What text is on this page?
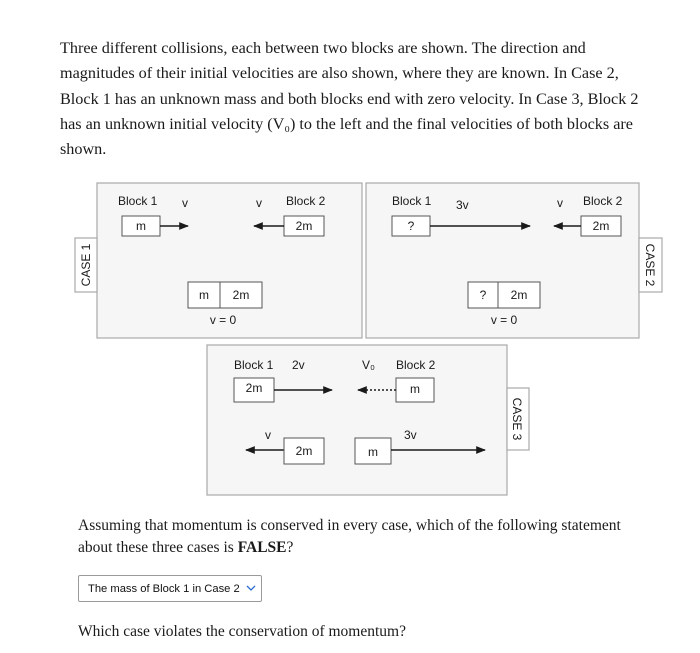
Three different collisions, each between two blocks are shown. The direction and
magnitudes of their initial velocities are also shown, where they are known. In Case 2,
Block 1 has an unknown mass and both blocks end with zero velocity. In Case 3, Block 2
has an unknown initial velocity (V₀) to the left and the final velocities of both blocks are
shown.

CASE 1
Block 1 v
m
v Block 2
2m
m 2m
v = 0
CASE 2
Block 1 3v
?
v Block 2
2m
? 2m
v = 0
CASE 3
Block 1 2v
2m
V₀ Block 2
m
v
2m	m
3v

Assuming that momentum is conserved in every case, which of the following statement
about these three cases is FALSE?

The mass of Block 1 in Case 2

Which case violates the conservation of momentum?
